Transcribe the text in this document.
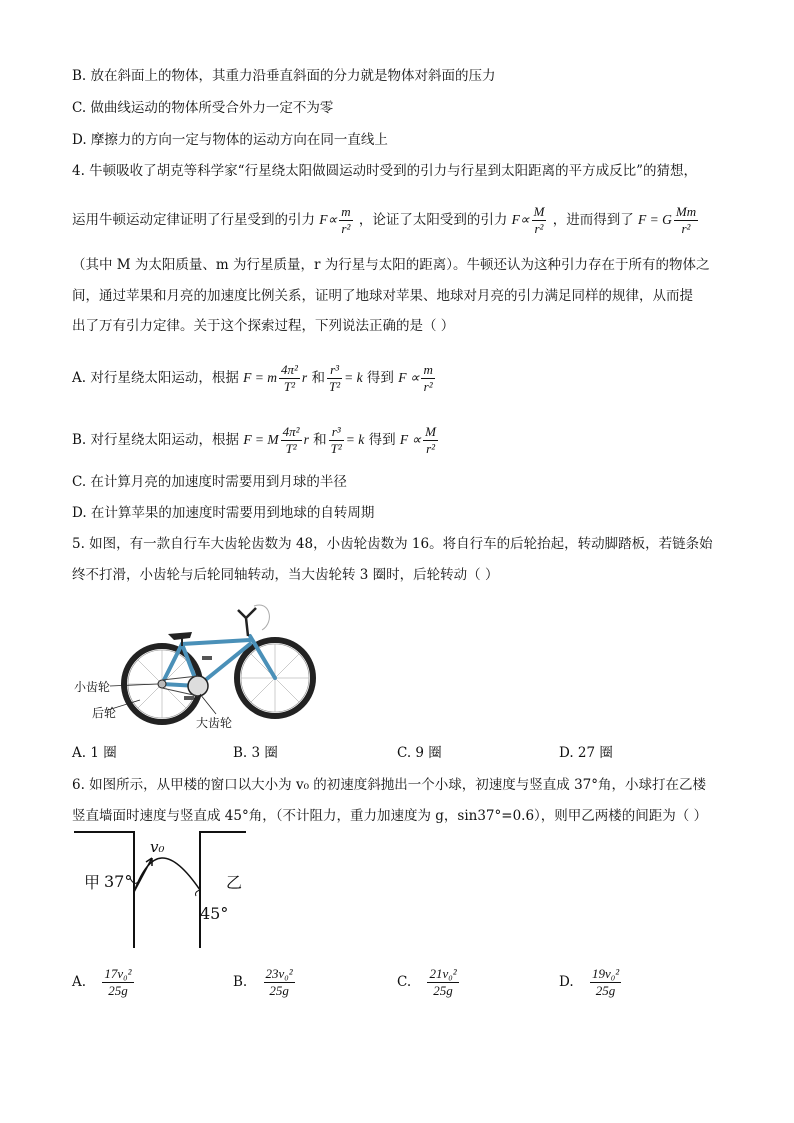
B. 放在斜面上的物体，其重力沿垂直斜面的分力就是物体对斜面的压力
C. 做曲线运动的物体所受合外力一定不为零
D. 摩擦力的方向一定与物体的运动方向在同一直线上
4. 牛顿吸收了胡克等科学家“行星绕太阳做圆运动时受到的引力与行星到太阳距离的平方成反比”的猜想，
运用牛顿运动定律证明了行星受到的引力 $F\propto \frac{m}{\text{r²}}$ ，论证了太阳受到的引力 $F\propto \frac{M}{\text{r²}}$ ，进而得到了 F = G $\frac{Mm}{\text{r²}}$
（其中 M 为太阳质量、m 为行星质量，r 为行星与太阳的距离）。牛顿还认为这种引力存在于所有的物体之
间，通过苹果和月亮的加速度比例关系，证明了地球对苹果、地球对月亮的引力满足同样的规律，从而提
出了万有引力定律。关于这个探索过程，下列说法正确的是（ ）
A. 对行星绕太阳运动，根据 F = m $\frac{\text{4π²}}{\text{T²}}$ r 和 $\frac{\text{r³}}{\text{T²}} = k$ 得到 $F \propto \frac{m}{\text{r²}}$
B. 对行星绕太阳运动，根据 F = M $\frac{\text{4π²}}{\text{T²}}$ r 和 $\frac{\text{r³}}{\text{T²}} = k$ 得到 $F \propto \frac{M}{\text{r²}}$
C. 在计算月亮的加速度时需要用到月球的半径
D. 在计算苹果的加速度时需要用到地球的自转周期
5. 如图，有一款自行车大齿轮齿数为 48，小齿轮齿数为 16。将自行车的后轮抬起，转动脚踏板，若链条始
终不打滑，小齿轮与后轮同轴转动，当大齿轮转 3 圈时，后轮转动（ ）
小齿轮
后轮
大齿轮
A. 1 圈	B. 3 圈	C. 9 圈	D. 27 圈
6. 如图所示，从甲楼的窗口以大小为 v₀ 的初速度斜抛出一个小球，初速度与竖直成 37°角，小球打在乙楼
竖直墙面时速度与竖直成 45°角，（不计阻力，重力加速度为 g，sin37°=0.6），则甲乙两楼的间距为（ ）
甲 37°
v₀
乙
45°
A. $\frac{\text{17v₀²}}{25g}$	B. $\frac{\text{23v₀²}}{25g}$	C. $\frac{\text{21v₀²}}{25g}$	D. $\frac{\text{19v₀²}}{25g}$
